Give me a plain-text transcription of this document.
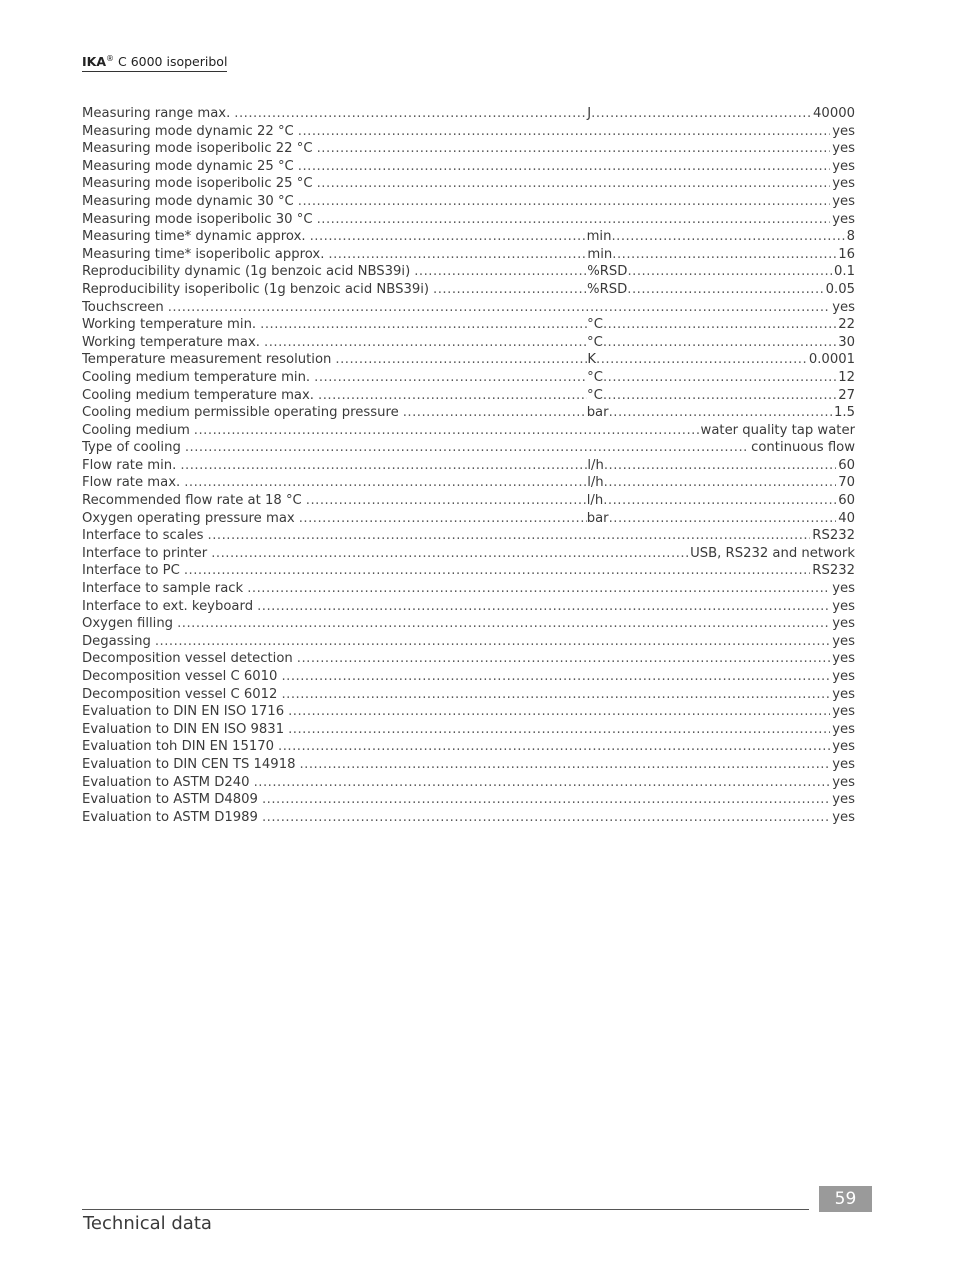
IKA® C 6000 isoperibol
Measuring range max. .....	J .....	40000
Measuring mode dynamic 22 °C .....	yes
Measuring mode isoperibolic 22 °C .....	yes
Measuring mode dynamic 25 °C .....	yes
Measuring mode isoperibolic 25 °C .....	yes
Measuring mode dynamic 30 °C .....	yes
Measuring mode isoperibolic 30 °C .....	yes
Measuring time* dynamic approx. .....	min .....	8
Measuring time* isoperibolic approx. .....	min .....	16
Reproducibility dynamic (1g benzoic acid NBS39i) .....	%RSD .....	0.1
Reproducibility isoperibolic (1g benzoic acid NBS39i) .....	%RSD .....	0.05
Touchscreen .....	yes
Working temperature min. .....	°C .....	22
Working temperature max. .....	°C .....	30
Temperature measurement resolution .....	K .....	0.0001
Cooling medium temperature min. .....	°C .....	12
Cooling medium temperature max. .....	°C .....	27
Cooling medium permissible operating pressure .....	bar .....	1.5
Cooling medium .....	water quality tap water
Type of cooling .....	continuous flow
Flow rate min. .....	l/h .....	60
Flow rate max. .....	l/h .....	70
Recommended flow rate at 18 °C .....	l/h .....	60
Oxygen operating pressure max .....	bar .....	40
Interface to scales .....	RS232
Interface to printer .....	USB, RS232 and network
Interface to PC .....	RS232
Interface to sample rack .....	yes
Interface to ext. keyboard .....	yes
Oxygen filling .....	yes
Degassing .....	yes
Decomposition vessel detection .....	yes
Decomposition vessel C 6010 .....	yes
Decomposition vessel C 6012 .....	yes
Evaluation to DIN EN ISO 1716 .....	yes
Evaluation to DIN EN ISO 9831 .....	yes
Evaluation toh DIN EN 15170 .....	yes
Evaluation to DIN CEN TS 14918 .....	yes
Evaluation to ASTM D240 .....	yes
Evaluation to ASTM D4809 .....	yes
Evaluation to ASTM D1989 .....	yes
59
Technical data
